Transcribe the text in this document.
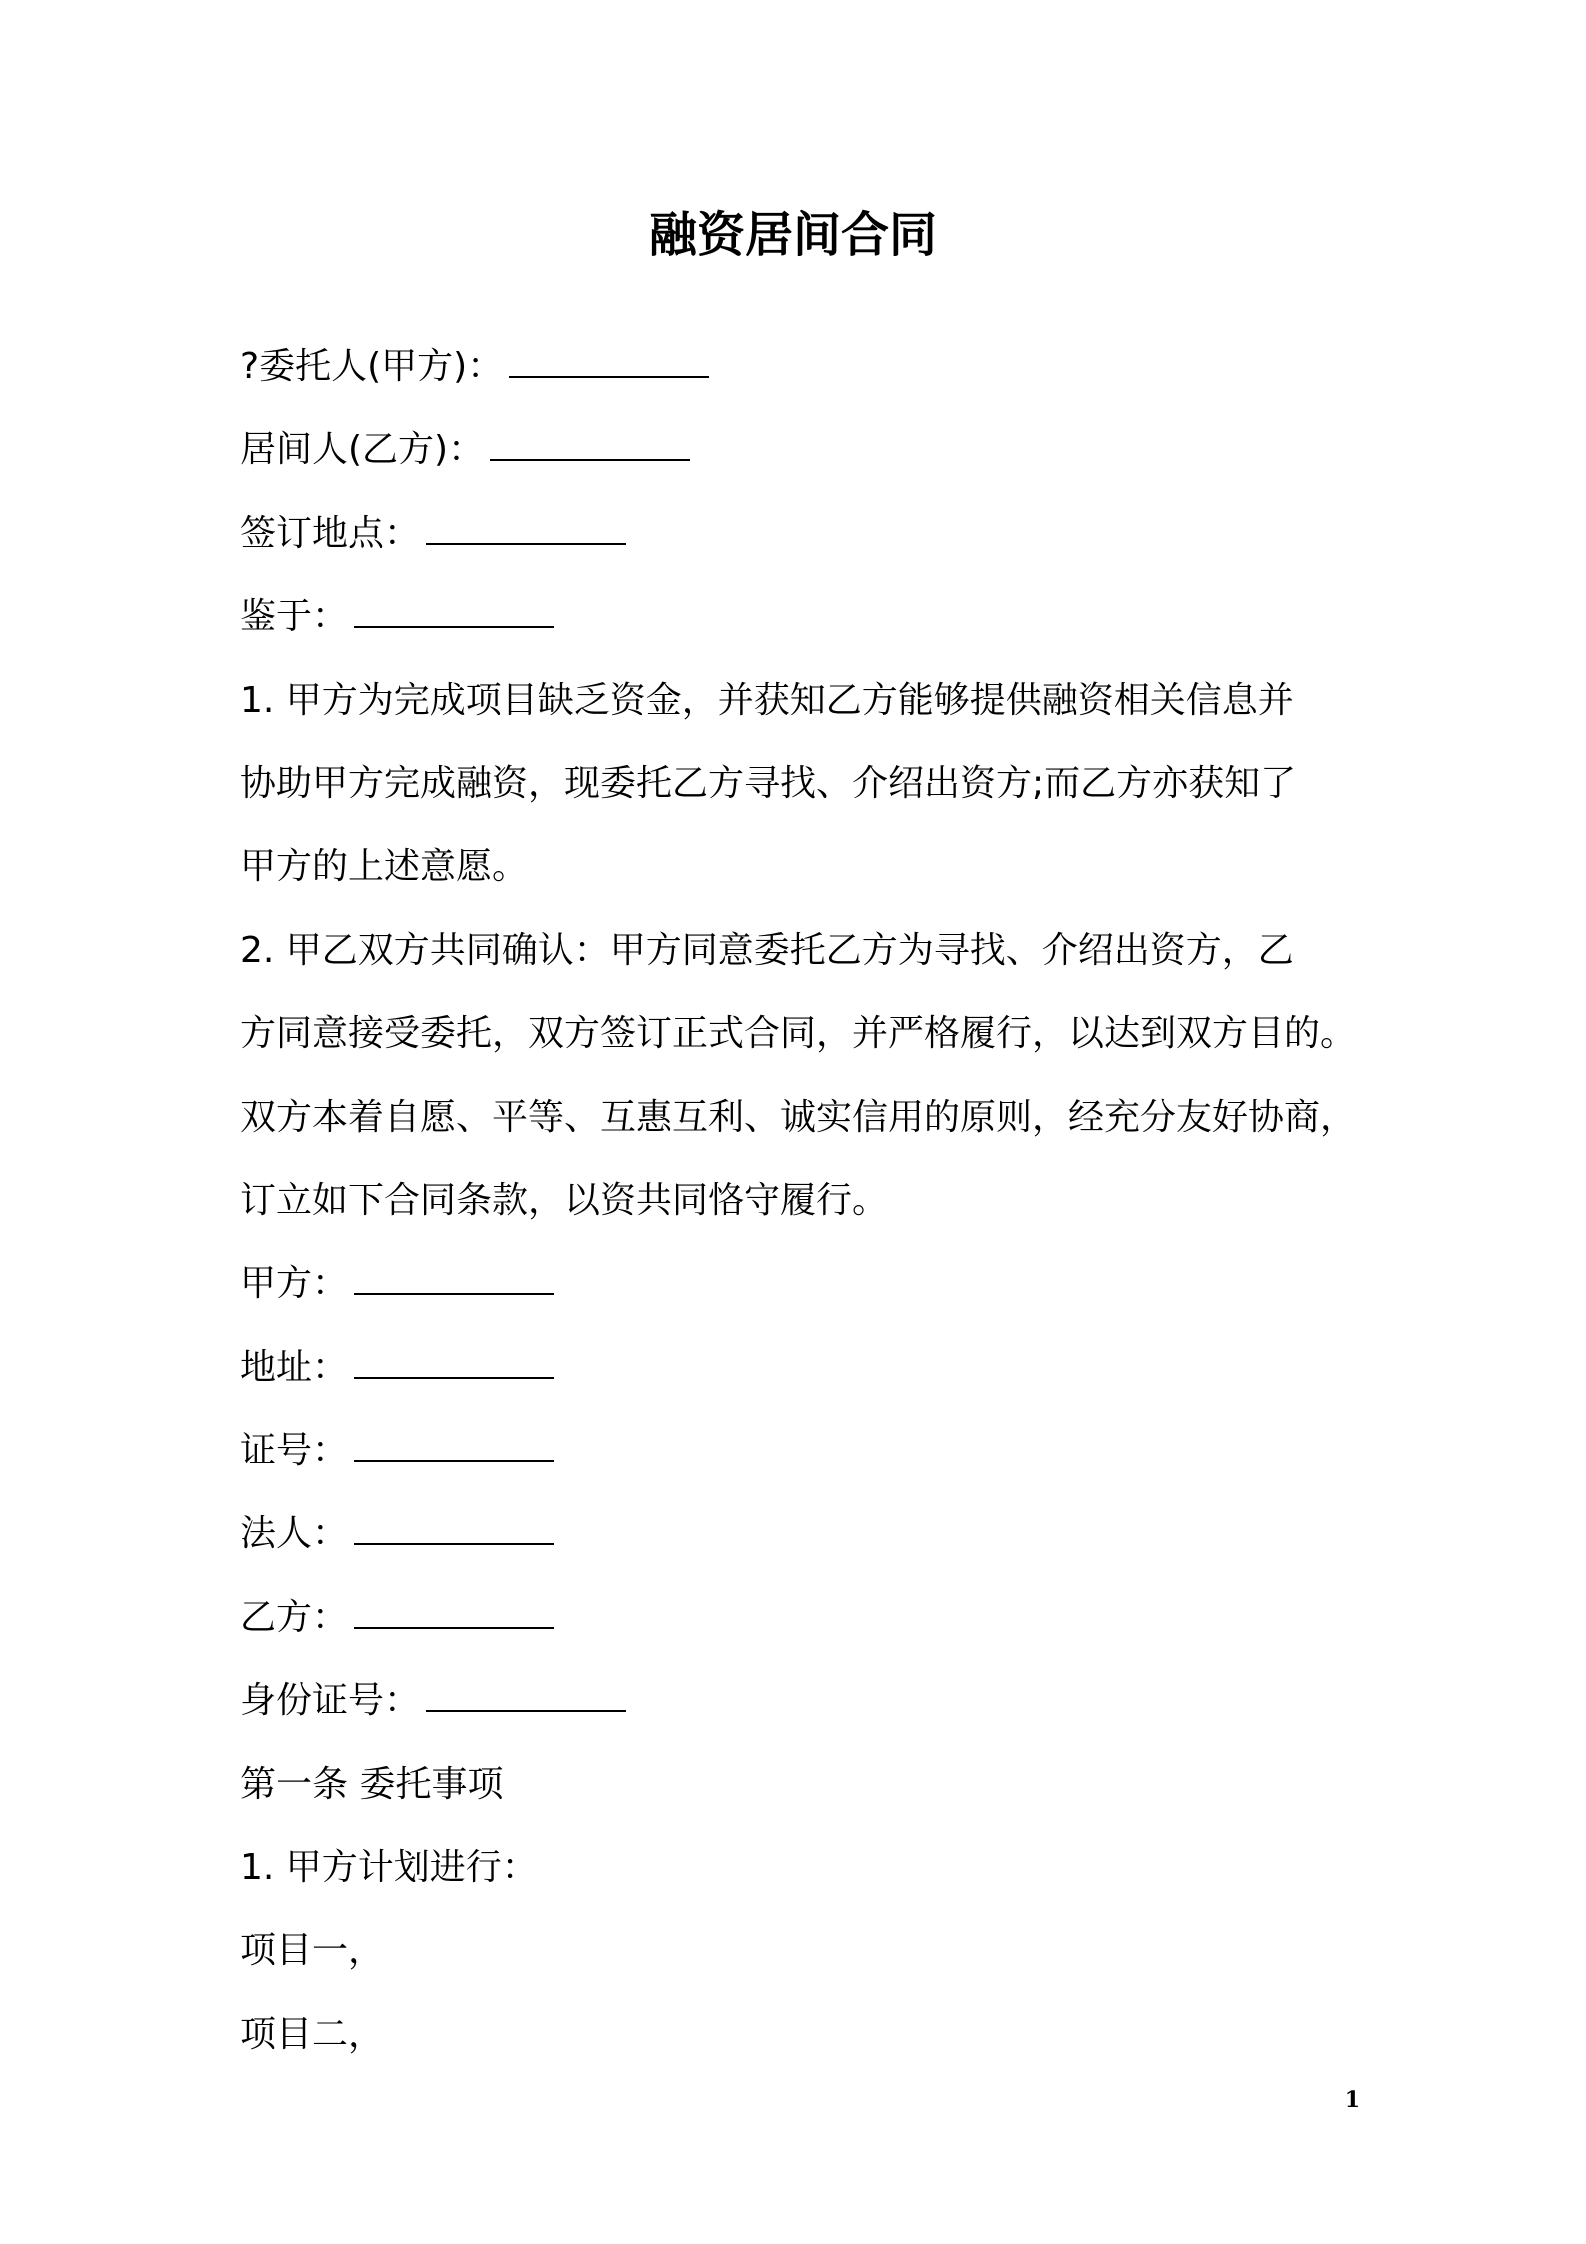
融资居间合同
?委托人(甲方)：
居间人(乙方)：
签订地点：
鉴于：
1. 甲方为完成项目缺乏资金，并获知乙方能够提供融资相关信息并
协助甲方完成融资，现委托乙方寻找、介绍出资方;而乙方亦获知了
甲方的上述意愿。
2. 甲乙双方共同确认：甲方同意委托乙方为寻找、介绍出资方，乙
方同意接受委托，双方签订正式合同，并严格履行，以达到双方目的。
双方本着自愿、平等、互惠互利、诚实信用的原则，经充分友好协商，
订立如下合同条款，以资共同恪守履行。
甲方：
地址：
证号：
法人：
乙方：
身份证号：
第一条 委托事项
1. 甲方计划进行：
项目一，
项目二，
1
